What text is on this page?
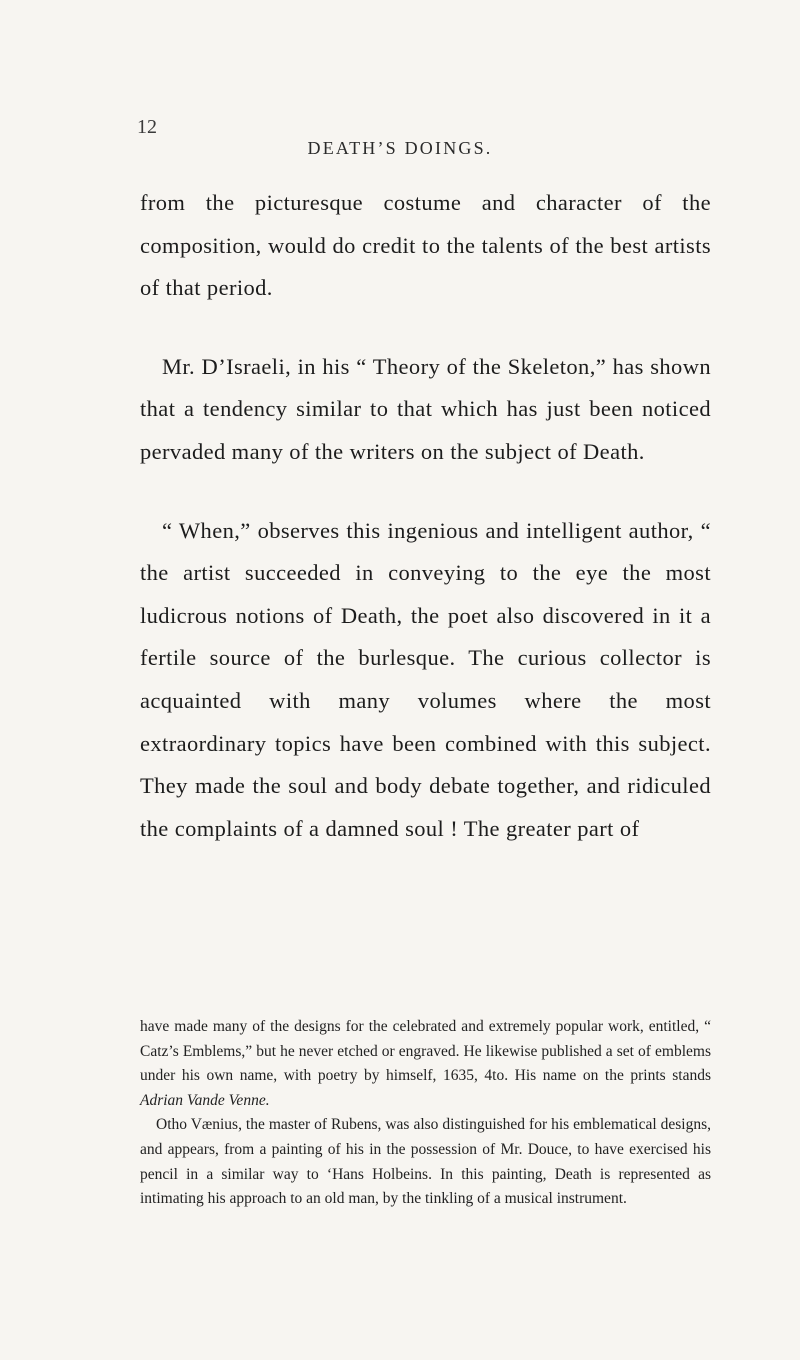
12
DEATH’S DOINGS.

from the picturesque costume and character of the composition, would do credit to the talents of the best artists of that period.

Mr. D’Israeli, in his “ Theory of the Skeleton,” has shown that a tendency similar to that which has just been noticed pervaded many of the writers on the subject of Death.

“ When,” observes this ingenious and intelligent author, “ the artist succeeded in conveying to the eye the most ludicrous notions of Death, the poet also discovered in it a fertile source of the burlesque. The curious collector is acquainted with many volumes where the most extraordinary topics have been combined with this subject. They made the soul and body debate together, and ridiculed the complaints of a damned soul ! The greater part of

have made many of the designs for the celebrated and extremely popular work, entitled, “ Catz’s Emblems,” but he never etched or engraved. He likewise published a set of emblems under his own name, with poetry by himself, 1635, 4to. His name on the prints stands Adrian Vande Venne.

Otho Vænius, the master of Rubens, was also distinguished for his emblematical designs, and appears, from a painting of his in the possession of Mr. Douce, to have exercised his pencil in a similar way to ‘Hans Holbeins. In this painting, Death is represented as intimating his approach to an old man, by the tinkling of a musical instrument.
